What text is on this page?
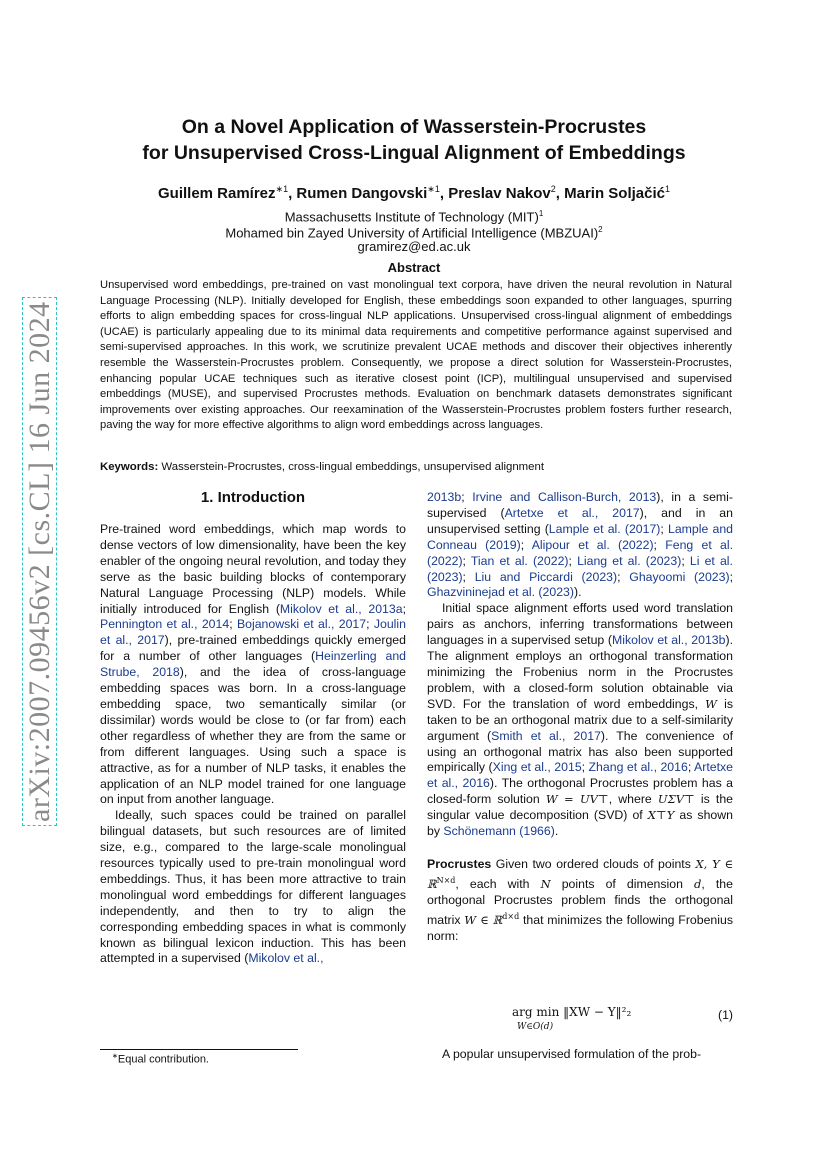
arXiv:2007.09456v2 [cs.CL] 16 Jun 2024
On a Novel Application of Wasserstein-Procrustes
for Unsupervised Cross-Lingual Alignment of Embeddings
Guillem Ramírez$^{∗1}$, Rumen Dangovski$^{∗1}$, Preslav Nakov$^2$, Marin Soljačić$^1$
Massachusetts Institute of Technology (MIT)$^1$
Mohamed bin Zayed University of Artificial Intelligence (MBZUAI)$^2$
gramirez@ed.ac.uk
Abstract
Unsupervised word embeddings, pre-trained on vast monolingual text corpora, have driven the neural revolution in Natural Language Processing (NLP). Initially developed for English, these embeddings soon expanded to other languages, spurring efforts to align embedding spaces for cross-lingual NLP applications. Unsupervised cross-lingual alignment of embeddings (UCAE) is particularly appealing due to its minimal data requirements and competitive performance against supervised and semi-supervised approaches. In this work, we scrutinize prevalent UCAE methods and discover their objectives inherently resemble the Wasserstein-Procrustes problem. Consequently, we propose a direct solution for Wasserstein-Procrustes, enhancing popular UCAE techniques such as iterative closest point (ICP), multilingual unsupervised and supervised embeddings (MUSE), and supervised Procrustes methods. Evaluation on benchmark datasets demonstrates significant improvements over existing approaches. Our reexamination of the Wasserstein-Procrustes problem fosters further research, paving the way for more effective algorithms to align word embeddings across languages.
Keywords: Wasserstein-Procrustes, cross-lingual embeddings, unsupervised alignment
1. Introduction

Pre-trained word embeddings, which map words to dense vectors of low dimensionality, have been the key enabler of the ongoing neural revolution, and today they serve as the basic building blocks of contemporary Natural Language Processing (NLP) models. While initially introduced for English (Mikolov et al., 2013a; Pennington et al., 2014; Bojanowski et al., 2017; Joulin et al., 2017), pre-trained embeddings quickly emerged for a number of other languages (Heinzerling and Strube, 2018), and the idea of cross-language embedding spaces was born. In a cross-language embedding space, two semantically similar (or dissimilar) words would be close to (or far from) each other regardless of whether they are from the same or from different languages. Using such a space is attractive, as for a number of NLP tasks, it enables the application of an NLP model trained for one language on input from another language.

Ideally, such spaces could be trained on parallel bilingual datasets, but such resources are of limited size, e.g., compared to the large-scale monolingual resources typically used to pre-train monolingual word embeddings. Thus, it has been more attractive to train monolingual word embeddings for different languages independently, and then to try to align the corresponding embedding spaces in what is commonly known as bilingual lexicon induction. This has been attempted in a supervised (Mikolov et al.,

2013b; Irvine and Callison-Burch, 2013), in a semi-supervised (Artetxe et al., 2017), and in an unsupervised setting (Lample et al. (2017); Lample and Conneau (2019); Alipour et al. (2022); Feng et al. (2022); Tian et al. (2022); Liang et al. (2023); Li et al. (2023); Liu and Piccardi (2023); Ghayoomi (2023); Ghazvininejad et al. (2023)).

Initial space alignment efforts used word translation pairs as anchors, inferring transformations between languages in a supervised setup (Mikolov et al., 2013b). The alignment employs an orthogonal transformation minimizing the Frobenius norm in the Procrustes problem, with a closed-form solution obtainable via SVD. For the translation of word embeddings, W is taken to be an orthogonal matrix due to a self-similarity argument (Smith et al., 2017). The convenience of using an orthogonal matrix has also been supported empirically (Xing et al., 2015; Zhang et al., 2016; Artetxe et al., 2016). The orthogonal Procrustes problem has a closed-form solution W = UV⊤, where UΣV⊤ is the singular value decomposition (SVD) of X⊤Y as shown by Schönemann (1966).

Procrustes Given two ordered clouds of points X, Y ∈ ℝ$^{N\times d}$, each with N points of dimension d, the orthogonal Procrustes problem finds the orthogonal matrix W ∈ ℝ$^{d\times d}$ that minimizes the following Frobenius norm:

arg min ‖XW − Y‖²₂
W∈O(d)
(1)
A popular unsupervised formulation of the prob-
∗Equal contribution.
